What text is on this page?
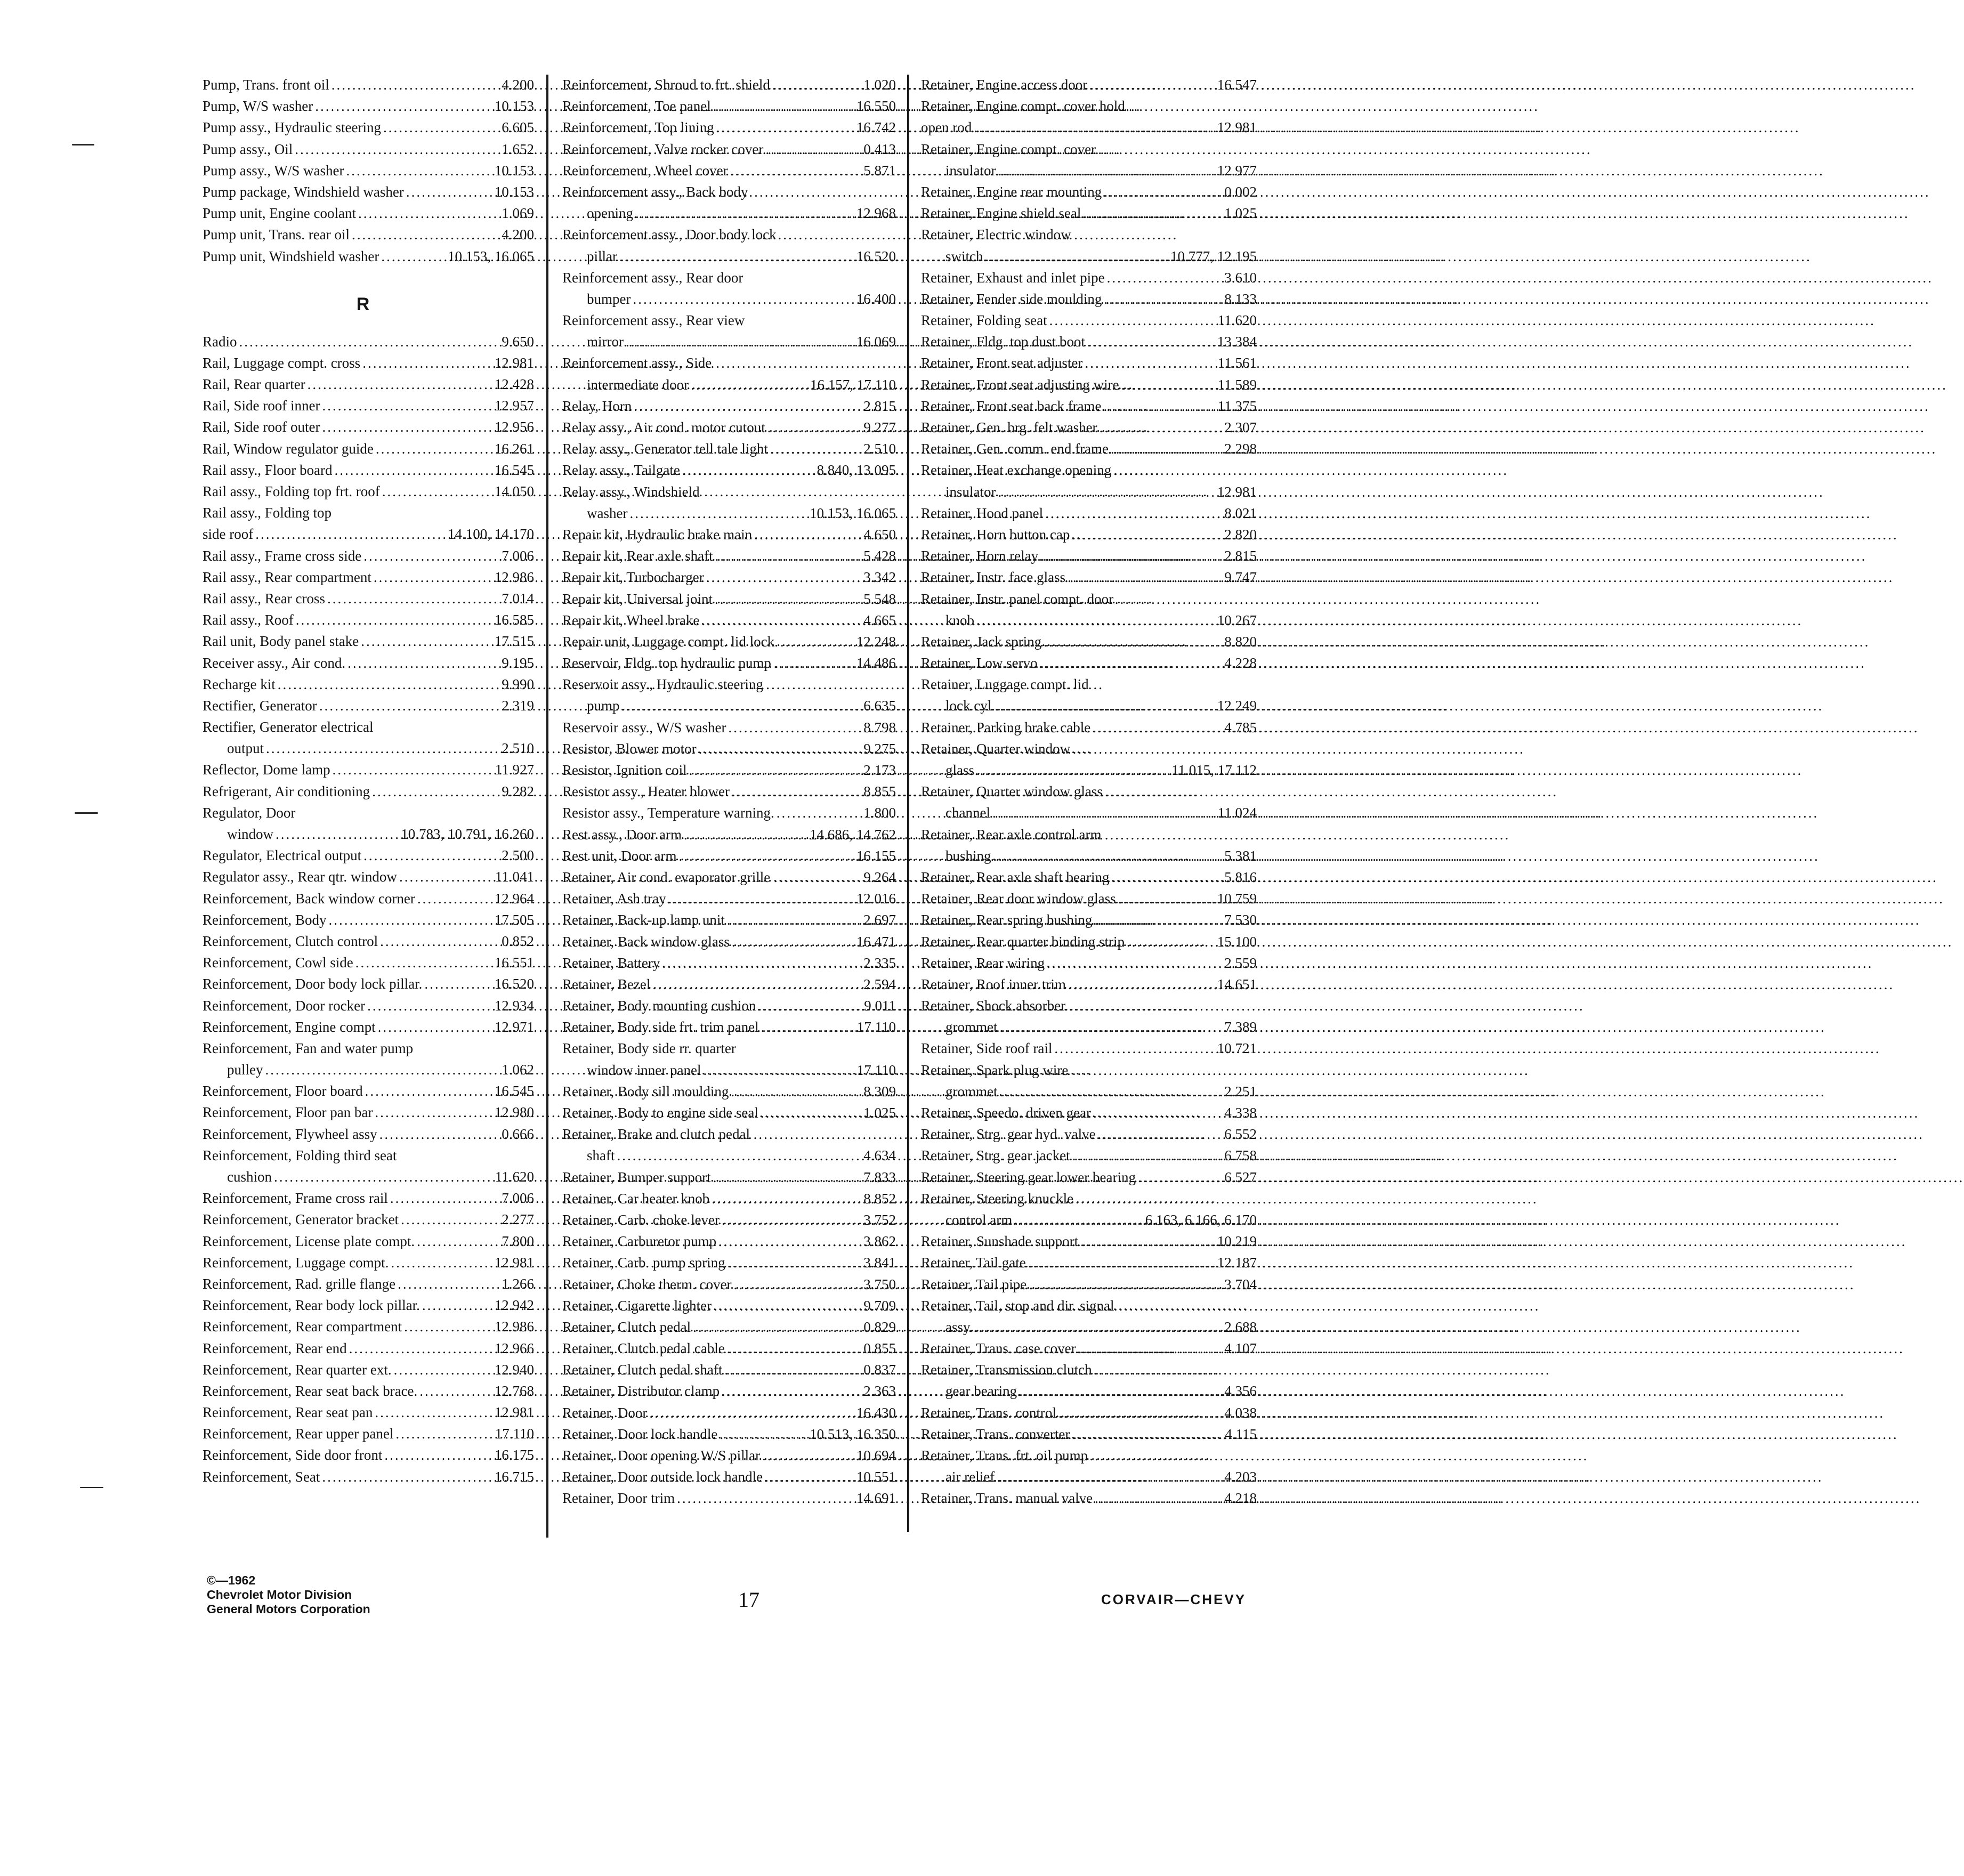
Pump, Trans. front oil .....	4.200
Pump, W/S washer .....	10.153
Pump assy., Hydraulic steering .....	6.605
Pump assy., Oil .....	1.652
Pump assy., W/S washer .....	10.153
Pump package, Windshield washer .....	10.153
Pump unit, Engine coolant .....	1.069
Pump unit, Trans. rear oil .....	4.200
Pump unit, Windshield washer .....	10.153, 16.065
R
Radio .....	9.650
Rail, Luggage compt. cross .....	12.981
Rail, Rear quarter .....	12.428
Rail, Side roof inner .....	12.957
Rail, Side roof outer .....	12.956
Rail, Window regulator guide .....	16.261
Rail assy., Floor board .....	16.545
Rail assy., Folding top frt. roof .....	14.050
Rail assy., Folding top
side roof .....	14.100, 14.170
Rail assy., Frame cross side .....	7.006
Rail assy., Rear compartment .....	12.986
Rail assy., Rear cross .....	7.014
Rail assy., Roof .....	16.585
Rail unit, Body panel stake .....	17.515
Receiver assy., Air cond. .....	9.195
Recharge kit .....	9.990
Rectifier, Generator .....	2.319
Rectifier, Generator electrical
output .....	2.510
Reflector, Dome lamp .....	11.927
Refrigerant, Air conditioning .....	9.282
Regulator, Door
window .....	10.783, 10.791, 16.260
Regulator, Electrical output .....	2.500
Regulator assy., Rear qtr. window .....	11.041
Reinforcement, Back window corner .....	12.964
Reinforcement, Body .....	17.505
Reinforcement, Clutch control .....	0.852
Reinforcement, Cowl side .....	16.551
Reinforcement, Door body lock pillar. .....	16.520
Reinforcement, Door rocker .....	12.934
Reinforcement, Engine compt .....	12.971
Reinforcement, Fan and water pump
pulley .....	1.062
Reinforcement, Floor board .....	16.545
Reinforcement, Floor pan bar .....	12.980
Reinforcement, Flywheel assy .....	0.666
Reinforcement, Folding third seat
cushion .....	11.620
Reinforcement, Frame cross rail .....	7.006
Reinforcement, Generator bracket .....	2.277
Reinforcement, License plate compt. .....	7.800
Reinforcement, Luggage compt. .....	12.981
Reinforcement, Rad. grille flange .....	1.266
Reinforcement, Rear body lock pillar. .....	12.942
Reinforcement, Rear compartment .....	12.986
Reinforcement, Rear end .....	12.966
Reinforcement, Rear quarter ext. .....	12.940
Reinforcement, Rear seat back brace. .....	12.768
Reinforcement, Rear seat pan .....	12.981
Reinforcement, Rear upper panel .....	17.110
Reinforcement, Side door front .....	16.175
Reinforcement, Seat .....	16.715
Reinforcement, Shroud to frt. shield .....	1.020
Reinforcement, Toe panel .....	16.550
Reinforcement, Top lining .....	16.742
Reinforcement, Valve rocker cover .....	0.413
Reinforcement, Wheel cover .....	5.871
Reinforcement assy., Back body
opening .....	12.968
Reinforcement assy., Door body lock
pillar .....	16.520
Reinforcement assy., Rear door
bumper .....	16.400
Reinforcement assy., Rear view
mirror .....	16.069
Reinforcement assy., Side
intermediate door .....	16.157, 17.110
Relay, Horn .....	2.815
Relay assy., Air cond. motor cutout .....	9.277
Relay assy., Generator tell tale light .....	2.510
Relay assy., Tailgate .....	8.840, 13.095
Relay assy., Windshield
washer .....	10.153, 16.065
Repair kit, Hydraulic brake main .....	4.650
Repair kit, Rear axle shaft .....	5.428
Repair kit, Turbocharger .....	3.342
Repair kit, Universal joint .....	5.548
Repair kit, Wheel brake .....	4.665
Repair unit, Luggage compt. lid lock. .....	12.248
Reservoir, Fldg. top hydraulic pump . .....	14.486
Reservoir assy., Hydraulic steering
pump .....	6.635
Reservoir assy., W/S washer .....	8.798
Resistor, Blower motor .....	9.275
Resistor, Ignition coil .....	2.173
Resistor assy., Heater blower .....	8.855
Resistor assy., Temperature warning. .....	1.800
Rest assy., Door arm .....	14.686, 14.762
Rest unit, Door arm .....	16.155
Retainer, Air cond. evaporator grille . .....	9.264
Retainer, Ash tray .....	12.016
Retainer, Back-up lamp unit .....	2.697
Retainer, Back window glass .....	16.471
Retainer, Battery .....	2.335
Retainer, Bezel .....	2.594
Retainer, Body mounting cushion .....	9.011
Retainer, Body side frt. trim panel .....	17.110
Retainer, Body side rr. quarter
window inner panel .....	17.110
Retainer, Body sill moulding .....	8.309
Retainer, Body to engine side seal .....	1.025
Retainer, Brake and clutch pedal
shaft .....	4.634
Retainer, Bumper support .....	7.833
Retainer, Car heater knob .....	8.852
Retainer, Carb. choke lever .....	3.752
Retainer, Carburetor pump .....	3.862
Retainer, Carb. pump spring .....	3.841
Retainer, Choke therm. cover .....	3.750
Retainer, Cigarette lighter .....	9.709
Retainer, Clutch pedal .....	0.829
Retainer, Clutch pedal cable .....	0.855
Retainer, Clutch pedal shaft .....	0.837
Retainer, Distributor clamp .....	2.363
Retainer, Door .....	16.430
Retainer, Door lock handle .....	10.513, 16.350
Retainer, Door opening W/S pillar .....	10.694
Retainer, Door outside lock handle .....	10.551
Retainer, Door trim .....	14.691
Retainer, Engine access door .....	16.547
Retainer, Engine compt. cover hold
open rod .....	12.981
Retainer, Engine compt. cover
insulator .....	12.977
Retainer, Engine rear mounting .....	0.002
Retainer, Engine shield seal .....	1.025
Retainer, Electric window
switch .....	10.777, 12.195
Retainer, Exhaust and inlet pipe .....	3.610
Retainer, Fender side moulding .....	8.133
Retainer, Folding seat .....	11.620
Retainer, Fldg. top dust boot .....	13.384
Retainer, Front seat adjuster .....	11.561
Retainer, Front seat adjusting wire .....	11.589
Retainer, Front seat back frame .....	11.375
Retainer, Gen. brg. felt washer .....	2.307
Retainer, Gen. comm. end frame .....	2.298
Retainer, Heat exchange opening
insulator .....	12.981
Retainer, Hood panel .....	8.021
Retainer, Horn button cap .....	2.820
Retainer, Horn relay .....	2.815
Retainer, Instr. face glass .....	9.747
Retainer, Instr. panel compt. door
knob .....	10.267
Retainer, Jack spring .....	8.820
Retainer, Low servo .....	4.228
Retainer, Luggage compt. lid
lock cyl. .....	12.249
Retainer, Parking brake cable .....	4.785
Retainer, Quarter window
glass .....	11.015, 17.112
Retainer, Quarter window glass
channel .....	11.024
Retainer, Rear axle control arm
bushing .....	5.381
Retainer, Rear axle shaft bearing .....	5.816
Retainer, Rear door window glass .....	10.759
Retainer, Rear spring bushing .....	7.530
Retainer, Rear quarter binding strip .....	15.100
Retainer, Rear wiring .....	2.559
Retainer, Roof inner trim .....	14.651
Retainer, Shock absorber
grommet .....	7.389
Retainer, Side roof rail .....	10.721
Retainer, Spark plug wire
grommet .....	2.251
Retainer, Speedo. driven gear .....	4.338
Retainer, Strg. gear hyd. valve .....	6.552
Retainer, Strg. gear jacket .....	6.758
Retainer, Steering gear lower bearing .....	6.527
Retainer, Steering knuckle
control arm .....	6.163, 6.166, 6.170
Retainer, Sunshade support .....	10.219
Retainer, Tail gate .....	12.187
Retainer, Tail pipe .....	3.704
Retainer, Tail, stop and dir. signal
assy. .....	2.688
Retainer, Trans. case cover .....	4.107
Retainer, Transmission clutch
gear bearing .....	4.356
Retainer, Trans. control .....	4.038
Retainer, Trans. converter .....	4.115
Retainer, Trans. frt. oil pump
air relief .....	4.203
Retainer, Trans. manual valve .....	4.218
©—1962
Chevrolet Motor Division
General Motors Corporation	17	CORVAIR—CHEVY
